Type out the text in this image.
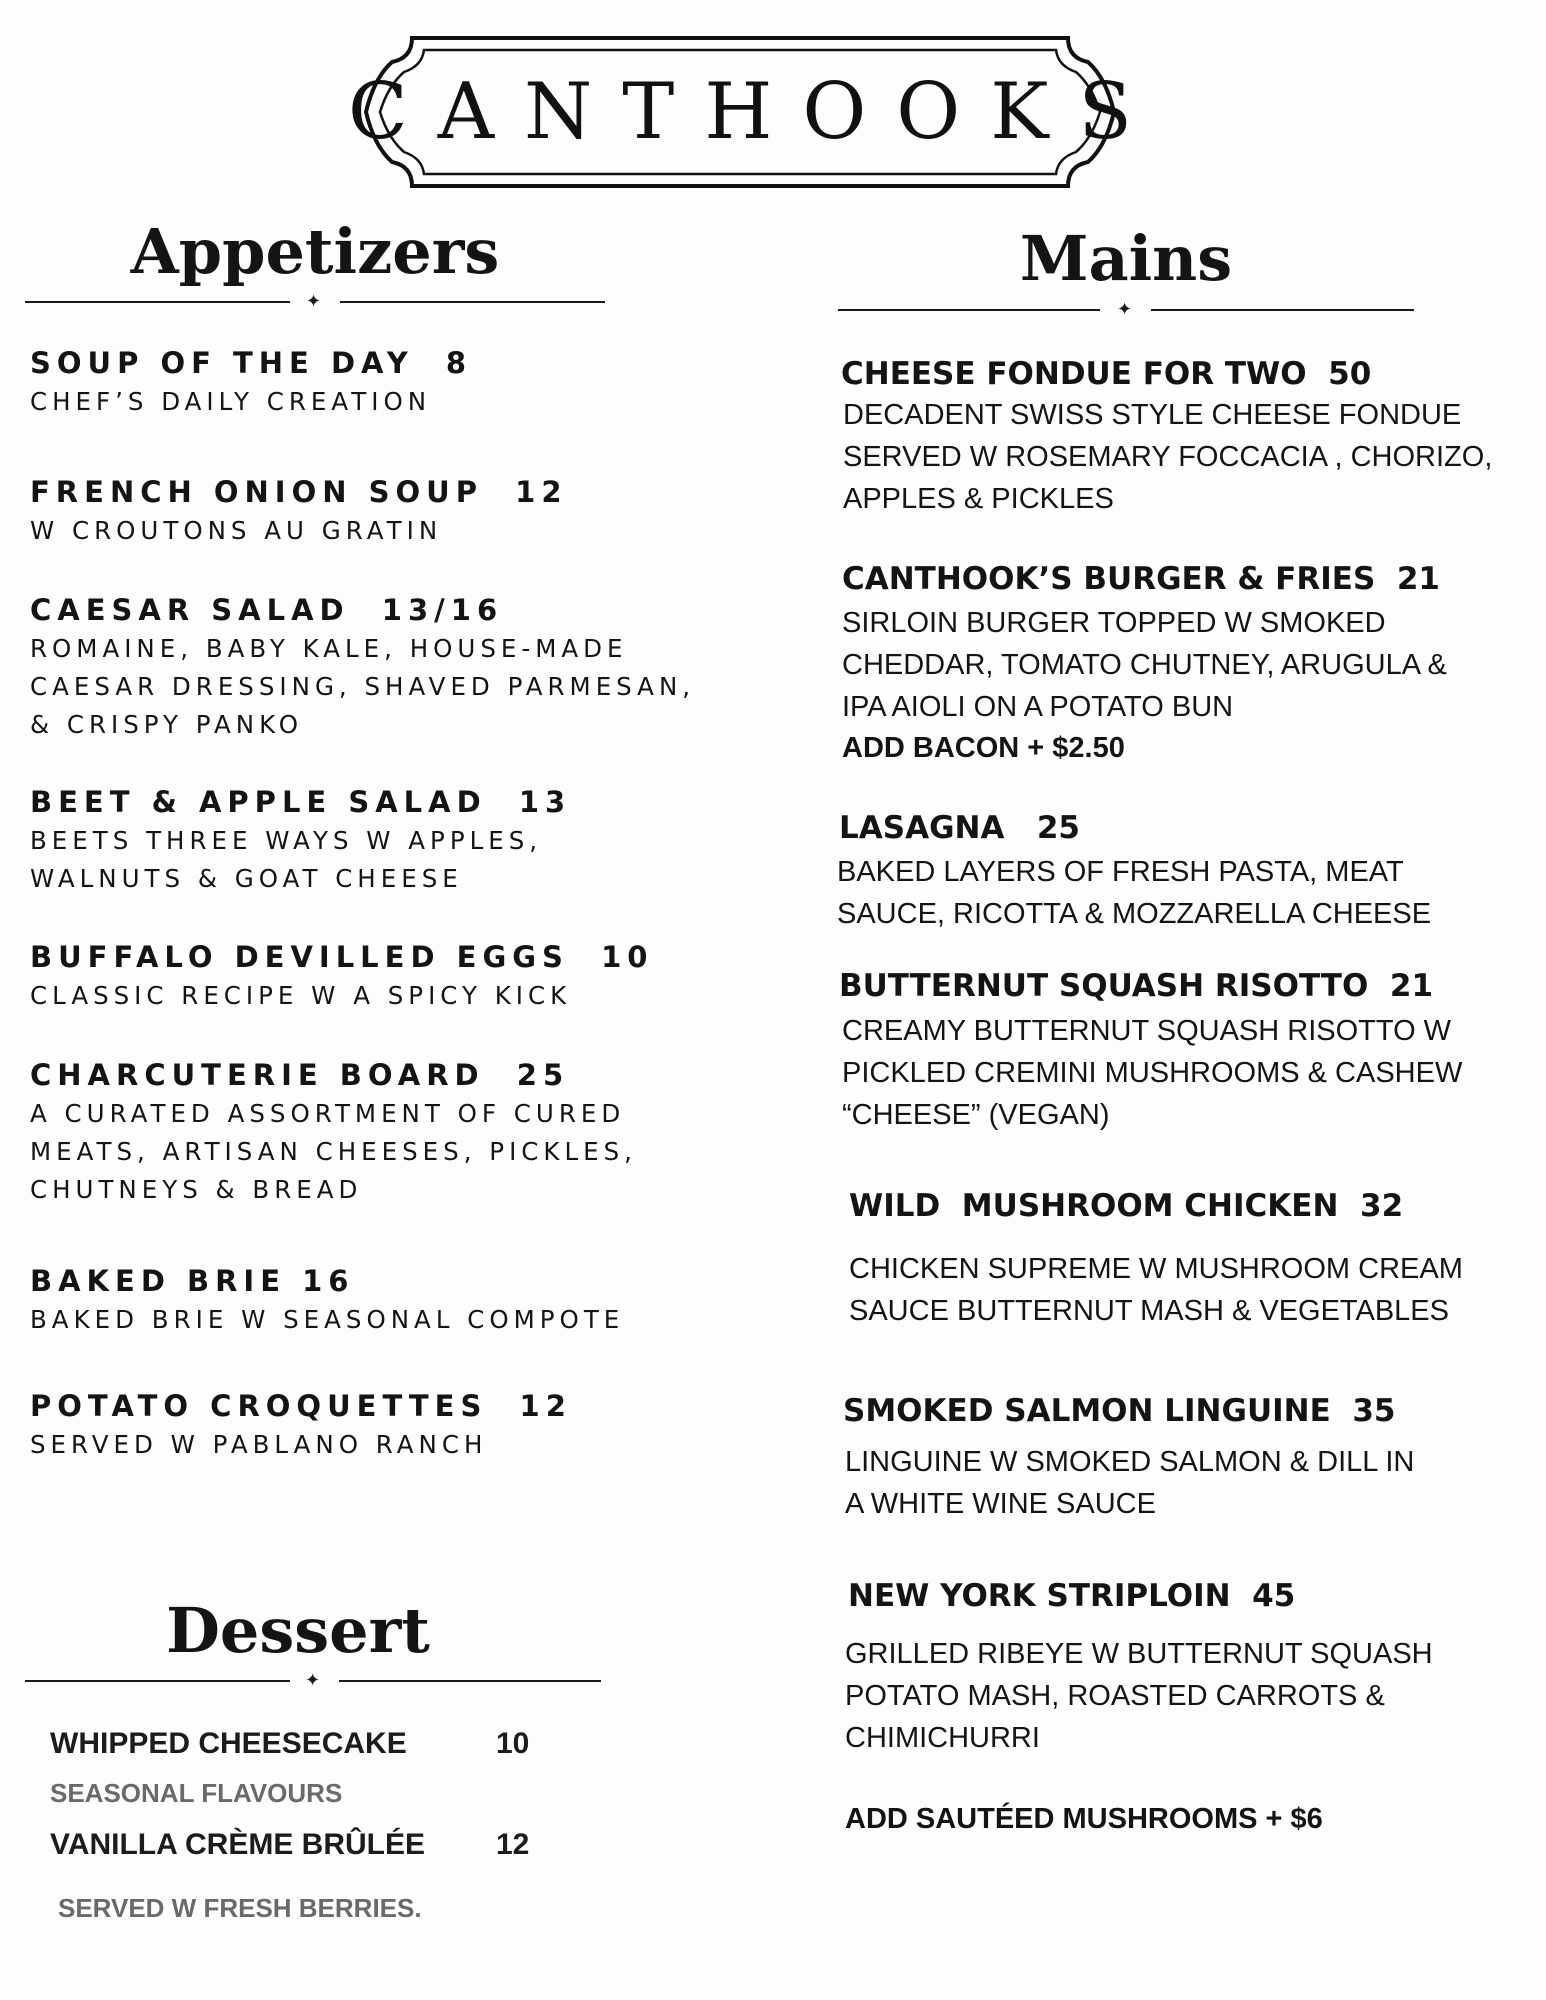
CANTHOOKS
Appetizers
✦
SOUP OF THE DAY  8
CHEF’S DAILY CREATION
FRENCH ONION SOUP  12
W CROUTONS AU GRATIN
CAESAR SALAD  13/16
ROMAINE, BABY KALE, HOUSE-MADE
CAESAR DRESSING, SHAVED PARMESAN,
& CRISPY PANKO
BEET & APPLE SALAD  13
BEETS THREE WAYS W APPLES,
WALNUTS & GOAT CHEESE
BUFFALO DEVILLED EGGS  10
CLASSIC RECIPE W A SPICY KICK
CHARCUTERIE BOARD  25
A CURATED ASSORTMENT OF CURED
MEATS, ARTISAN CHEESES, PICKLES,
CHUTNEYS & BREAD
BAKED BRIE 16
BAKED BRIE W SEASONAL COMPOTE
POTATO CROQUETTES  12
SERVED W PABLANO RANCH
Mains
✦
CHEESE FONDUE FOR TWO  50
DECADENT SWISS STYLE CHEESE FONDUE
SERVED W ROSEMARY FOCCACIA , CHORIZO,
APPLES & PICKLES
CANTHOOK’S BURGER & FRIES  21
SIRLOIN BURGER TOPPED W SMOKED
CHEDDAR, TOMATO CHUTNEY, ARUGULA &
IPA AIOLI ON A POTATO BUN
ADD BACON + $2.50
LASAGNA   25
BAKED LAYERS OF FRESH PASTA, MEAT
SAUCE, RICOTTA & MOZZARELLA CHEESE
BUTTERNUT SQUASH RISOTTO  21
CREAMY BUTTERNUT SQUASH RISOTTO W
PICKLED CREMINI MUSHROOMS & CASHEW
“CHEESE” (VEGAN)
WILD  MUSHROOM CHICKEN  32
CHICKEN SUPREME W MUSHROOM CREAM
SAUCE BUTTERNUT MASH & VEGETABLES
SMOKED SALMON LINGUINE  35
LINGUINE W SMOKED SALMON & DILL IN
A WHITE WINE SAUCE
NEW YORK STRIPLOIN  45
GRILLED RIBEYE W BUTTERNUT SQUASH
POTATO MASH, ROASTED CARROTS &
CHIMICHURRI
ADD SAUTÉED MUSHROOMS + $6
Dessert
✦
WHIPPED CHEESECAKE	10
SEASONAL FLAVOURS
VANILLA CRÈME BRÛLÉE 12
SERVED W FRESH BERRIES.
